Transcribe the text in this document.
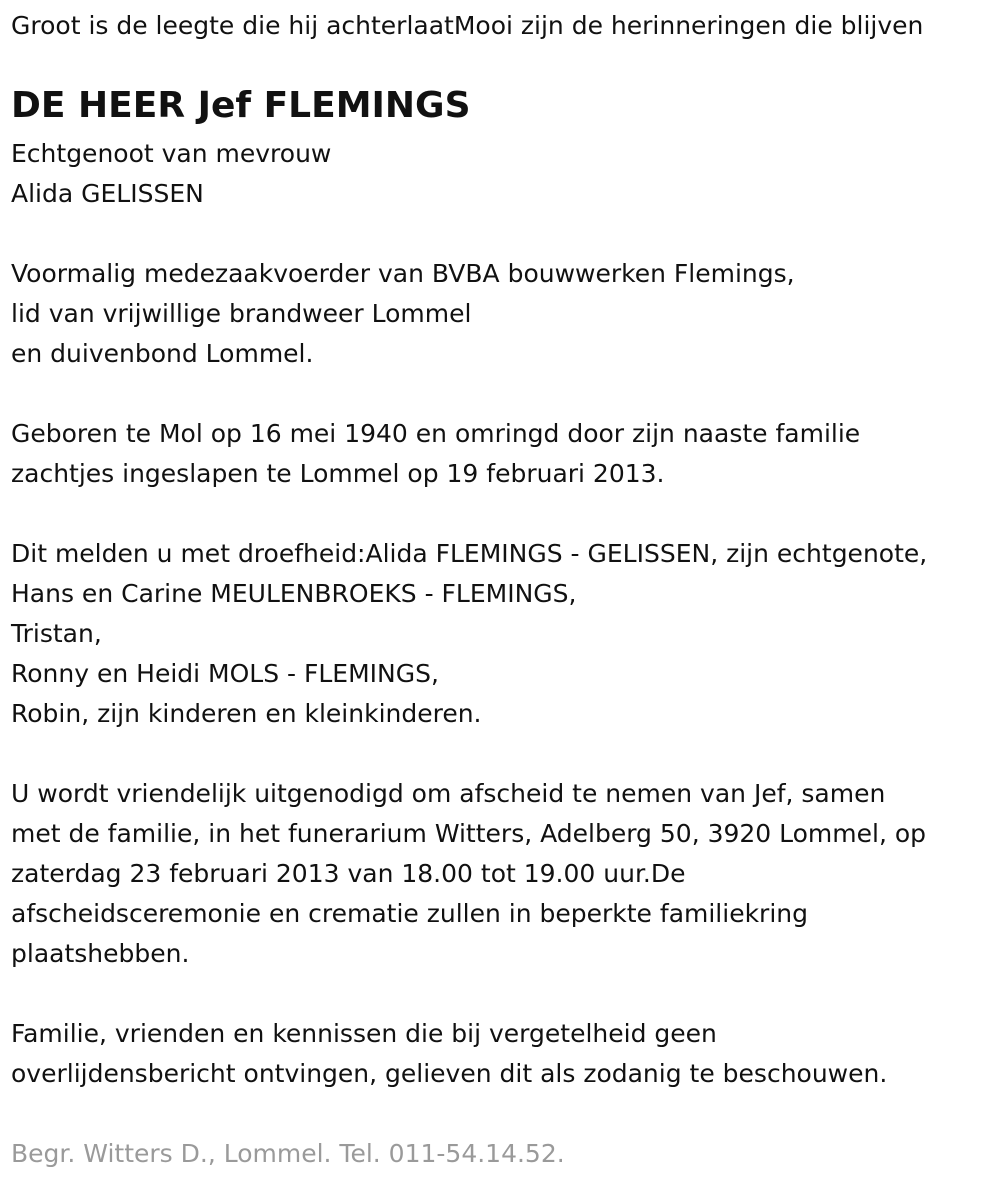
Groot is de leegte die hij achterlaatMooi zijn de herinneringen die blijven
DE HEER Jef FLEMINGS

Echtgenoot van mevrouw

Alida GELISSEN

Voormalig medezaakvoerder van BVBA bouwwerken Flemings,

lid van vrijwillige brandweer Lommel

en duivenbond Lommel.

Geboren te Mol op 16 mei 1940 en omringd door zijn naaste familie

zachtjes ingeslapen te Lommel op 19 februari 2013.

Dit melden u met droefheid:Alida FLEMINGS - GELISSEN, zijn echtgenote,

Hans en Carine MEULENBROEKS - FLEMINGS,

Tristan,

Ronny en Heidi MOLS - FLEMINGS,

Robin, zijn kinderen en kleinkinderen.

U wordt vriendelijk uitgenodigd om afscheid te nemen van Jef, samen

met de familie, in het funerarium Witters, Adelberg 50, 3920 Lommel, op

zaterdag 23 februari 2013 van 18.00 tot 19.00 uur.De

afscheidsceremonie en crematie zullen in beperkte familiekring

plaatshebben.

Familie, vrienden en kennissen die bij vergetelheid geen

overlijdensbericht ontvingen, gelieven dit als zodanig te beschouwen.

Begr. Witters D., Lommel. Tel. 011-54.14.52.
